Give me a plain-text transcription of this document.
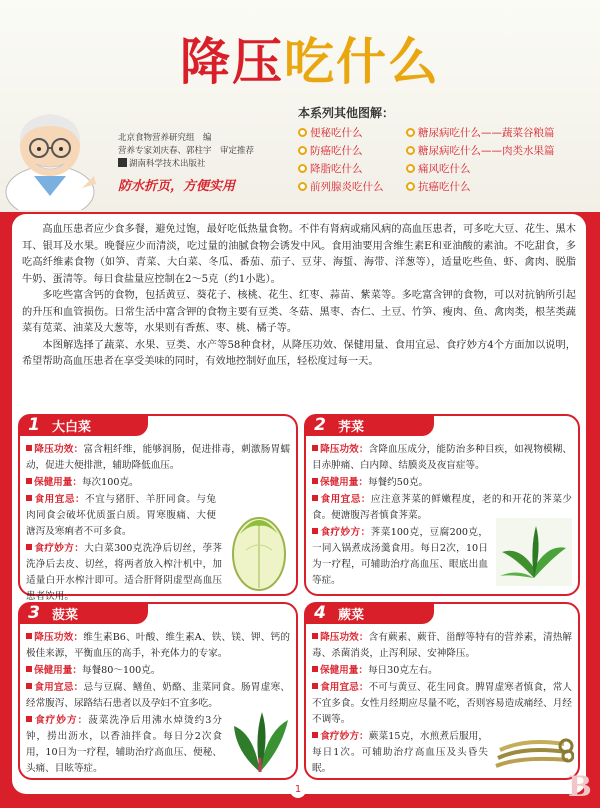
降压吃什么
北京食物营养研究组　编
营养专家刘庆春、郭柱宇　审定推荐
湖南科学技术出版社
防水折页，方便实用
本系列其他图解：
便秘吃什么	糖尿病吃什么——蔬菜谷粮篇
防癌吃什么	糖尿病吃什么——肉类水果篇
降脂吃什么	痛风吃什么
前列腺炎吃什么	抗癌吃什么

高血压患者应少食多餐，避免过饱，最好吃低热量食物。不伴有肾病或痛风病的高血压患者，可多吃大豆、花生、黑木耳、银耳及水果。晚餐应少而清淡，吃过量的油腻食物会诱发中风。食用油要用含维生素E和亚油酸的素油。不吃甜食，多吃高纤维素食物（如笋、青菜、大白菜、冬瓜、番茄、茄子、豆芽、海蜇、海带、洋葱等），适量吃些鱼、虾、禽肉、脱脂牛奶、蛋清等。每日食盐量应控制在2～5克（约1小匙）。

多吃些富含钙的食物，包括黄豆、葵花子、核桃、花生、红枣、蒜苗、紫菜等。多吃富含钾的食物，可以对抗钠所引起的升压和血管损伤。日常生活中富含钾的食物主要有豆类、冬菇、黑枣、杏仁、土豆、竹笋、瘦肉、鱼、禽肉类，根茎类蔬菜有苋菜、油菜及大葱等，水果则有香蕉、枣、桃、橘子等。

本图解选择了蔬菜、水果、豆类、水产等58种食材，从降压功效、保健用量、食用宜忌、食疗妙方4个方面加以说明，希望帮助高血压患者在享受美味的同时，有效地控制好血压，轻松度过每一天。

1 大白菜

降压功效：富含粗纤维，能够润肠，促进排毒，刺激肠胃蠕动，促进大便排泄，辅助降低血压。

保健用量：每次100克。

食用宜忌：不宜与猪肝、羊肝同食。与兔肉同食会破坏优质蛋白质。胃寒腹痛、大便溏泻及寒痢者不可多食。

食疗妙方：大白菜300克洗净后切丝，荸荠洗净后去皮、切丝，将两者放入榨汁机中，加适量白开水榨汁即可。适合肝肾阴虚型高血压患者饮用。

2 荠菜

降压功效：含降血压成分，能防治多种目疾，如视物模糊、目赤肿痛、白内障、结膜炎及夜盲症等。

保健用量：每餐约50克。

食用宜忌：应注意荠菜的鲜嫩程度，老的和开花的荠菜少食。便溏腹泻者慎食荠菜。

食疗妙方：荠菜100克，豆腐200克，一同入锅煮成汤羹食用。每日2次，10日为一疗程，可辅助治疗高血压、眼底出血等症。

3 菠菜

降压功效：维生素B6、叶酸、维生素A、铁、镁、钾、钙的极佳来源，平衡血压的高手，补充体力的专家。

保健用量：每餐80～100克。

食用宜忌：忌与豆腐、鳝鱼、奶酪、韭菜同食。肠胃虚寒、经常腹泻、尿路结石患者以及孕妇不宜多吃。

食疗妙方：菠菜洗净后用沸水焯烫约3分钟，捞出沥水，以香油拌食。每日分2次食用，10日为一疗程，辅助治疗高血压、便秘、头痛、目眩等症。

4 蕨菜

降压功效：含有蕨素、蕨苷、甾醇等特有的营养素，清热解毒、杀菌消炎，止泻利尿、安神降压。

保健用量：每日30克左右。

食用宜忌：不可与黄豆、花生同食。脾胃虚寒者慎食，常人不宜多食。女性月经期应尽量不吃，否则容易造成痛经、月经不调等。

食疗妙方：蕨菜15克，水煎煮后服用，每日1次。可辅助治疗高血压及头昏失眠。

1	B
